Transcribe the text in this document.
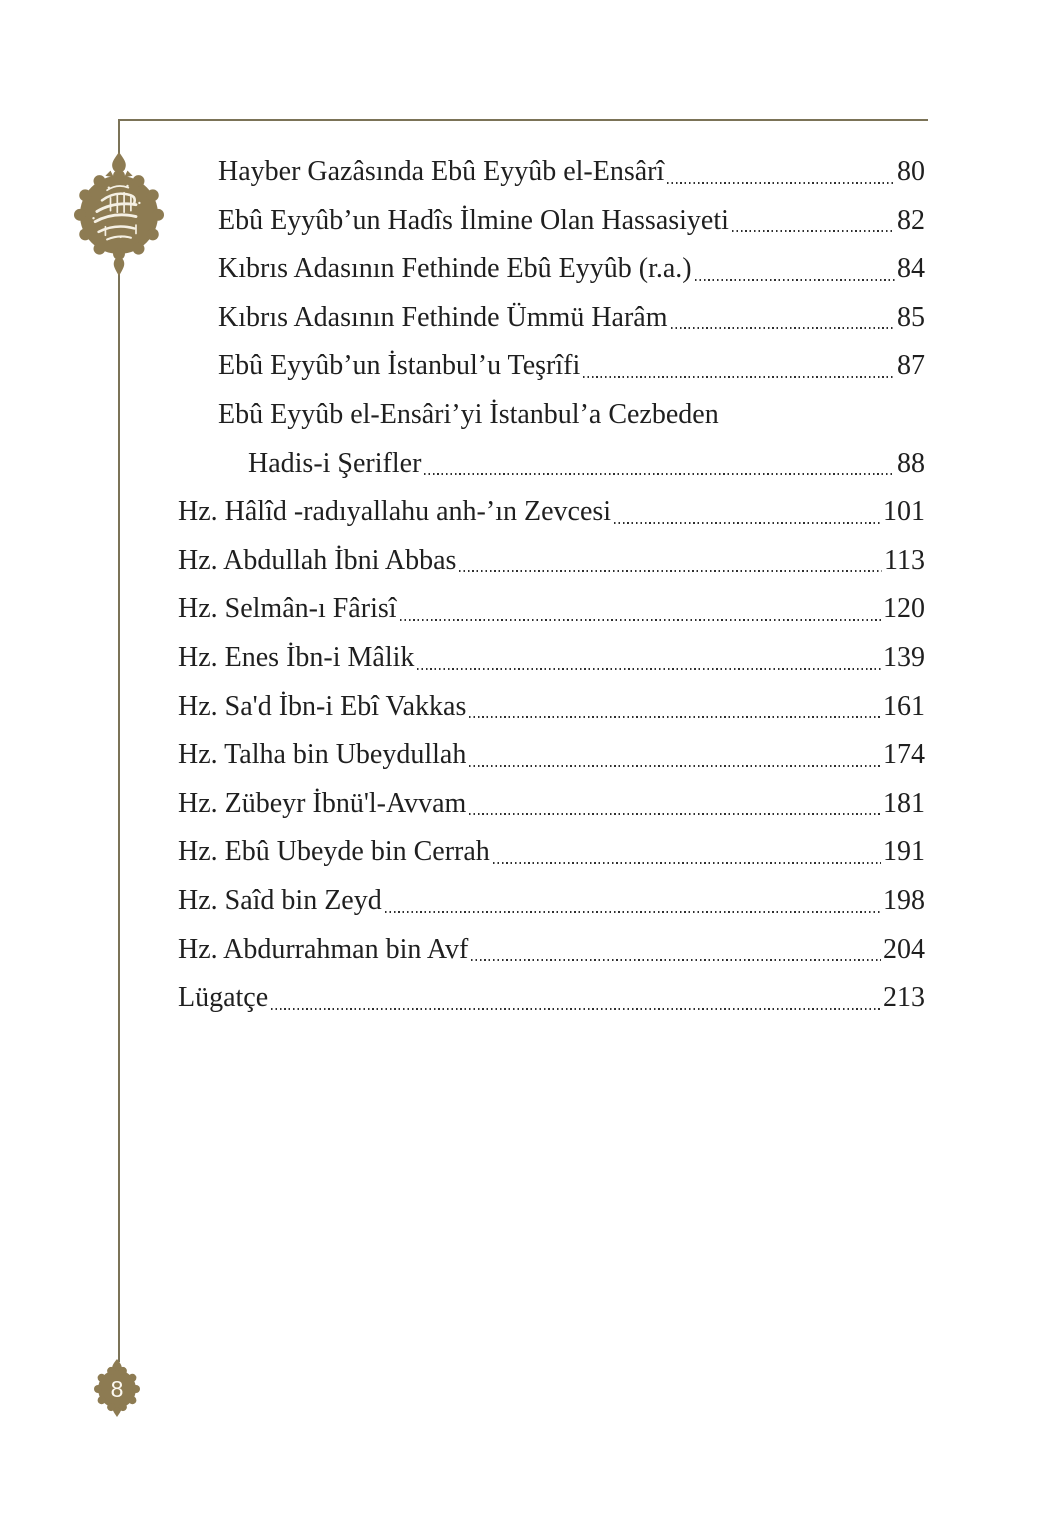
Hayber Gazâsında Ebû Eyyûb el-Ensârî	80
Ebû Eyyûb’un Hadîs İlmine Olan Hassasiyeti	82
Kıbrıs Adasının Fethinde Ebû Eyyûb (r.a.)	84
Kıbrıs Adasının Fethinde Ümmü Harâm	85
Ebû Eyyûb’un İstanbul’u Teşrîfi	87
Ebû Eyyûb el-Ensâri’yi İstanbul’a Cezbeden
Hadis-i Şerifler	88
Hz. Hâlîd -radıyallahu anh-’ın Zevcesi	101
Hz. Abdullah İbni Abbas	113
Hz. Selmân-ı Fârisî	120
Hz. Enes İbn-i Mâlik	139
Hz. Sa'd İbn-i Ebî Vakkas	161
Hz. Talha bin Ubeydullah	174
Hz. Zübeyr İbnü'l-Avvam	181
Hz. Ebû Ubeyde bin Cerrah	191
Hz. Saîd bin Zeyd	198
Hz. Abdurrahman bin Avf	204
Lügatçe	213
8
